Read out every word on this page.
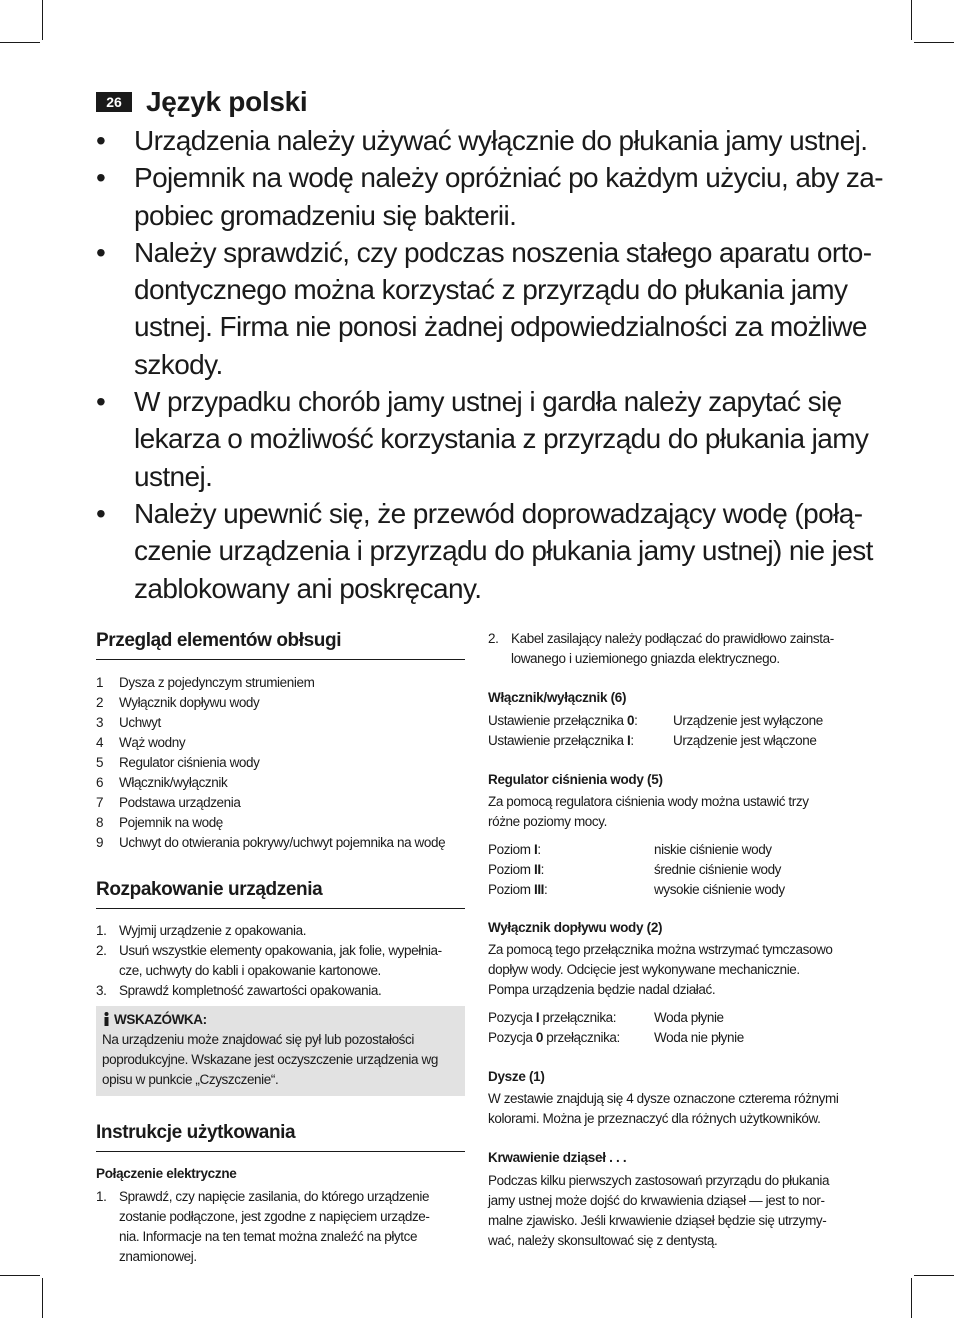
26 Język polski
• Urządzenia należy używać wyłącznie do płukania jamy ustnej.
• Pojemnik na wodę należy opróżniać po każdym użyciu, aby za-
pobiec gromadzeniu się bakterii.
• Należy sprawdzić, czy podczas noszenia stałego aparatu orto-
dontycznego można korzystać z przyrządu do płukania jamy
ustnej. Firma nie ponosi żadnej odpowiedzialności za możliwe
szkody.
• W przypadku chorób jamy ustnej i gardła należy zapytać się
lekarza o możliwość korzystania z przyrządu do płukania jamy
ustnej.
• Należy upewnić się, że przewód doprowadzający wodę (połą-
czenie urządzenia i przyrządu do płukania jamy ustnej) nie jest
zablokowany ani poskręcany.
Przegląd elementów obłsugi
1 Dysza z pojedynczym strumieniem
2 Wyłącznik dopływu wody
3 Uchwyt
4 Wąż wodny
5 Regulator ciśnienia wody
6 Włącznik/wyłącznik
7 Podstawa urządzenia
8 Pojemnik na wodę
9 Uchwyt do otwierania pokrywy/uchwyt pojemnika na wodę
Rozpakowanie urządzenia
1. Wyjmij urządzenie z opakowania.
2. Usuń wszystkie elementy opakowania, jak folie, wypełnia-
cze, uchwyty do kabli i opakowanie kartonowe.
3. Sprawdź kompletność zawartości opakowania.
WSKAZÓWKA:
Na urządzeniu może znajdować się pył lub pozostałości
poprodukcyjne. Wskazane jest oczyszczenie urządzenia wg
opisu w punkcie „Czyszczenie“.
Instrukcje użytkowania
Połączenie elektryczne
1. Sprawdź, czy napięcie zasilania, do którego urządzenie
zostanie podłączone, jest zgodne z napięciem urządze-
nia. Informacje na ten temat można znaleźć na płytce
znamionowej.
2. Kabel zasilający należy podłączać do prawidłowo zainsta-
lowanego i uziemionego gniazda elektrycznego.
Włącznik/wyłącznik (6)
Ustawienie przełącznika 0:	Urządzenie jest wyłączone
Ustawienie przełącznika I:	Urządzenie jest włączone
Regulator ciśnienia wody (5)
Za pomocą regulatora ciśnienia wody można ustawić trzy
różne poziomy mocy.
Poziom I:	niskie ciśnienie wody
Poziom II:	średnie ciśnienie wody
Poziom III:	wysokie ciśnienie wody
Wyłącznik dopływu wody (2)
Za pomocą tego przełącznika można wstrzymać tymczasowo
dopływ wody. Odcięcie jest wykonywane mechanicznie.
Pompa urządzenia będzie nadal działać.
Pozycja I przełącznika:	Woda płynie
Pozycja 0 przełącznika:	Woda nie płynie
Dysze (1)
W zestawie znajdują się 4 dysze oznaczone czterema różnymi
kolorami. Można je przeznaczyć dla różnych użytkowników.
Krwawienie dziąseł . . .
Podczas kilku pierwszych zastosowań przyrządu do płukania
jamy ustnej może dojść do krwawienia dziąseł — jest to nor-
malne zjawisko. Jeśli krwawienie dziąseł będzie się utrzymy-
wać, należy skonsultować się z dentystą.
